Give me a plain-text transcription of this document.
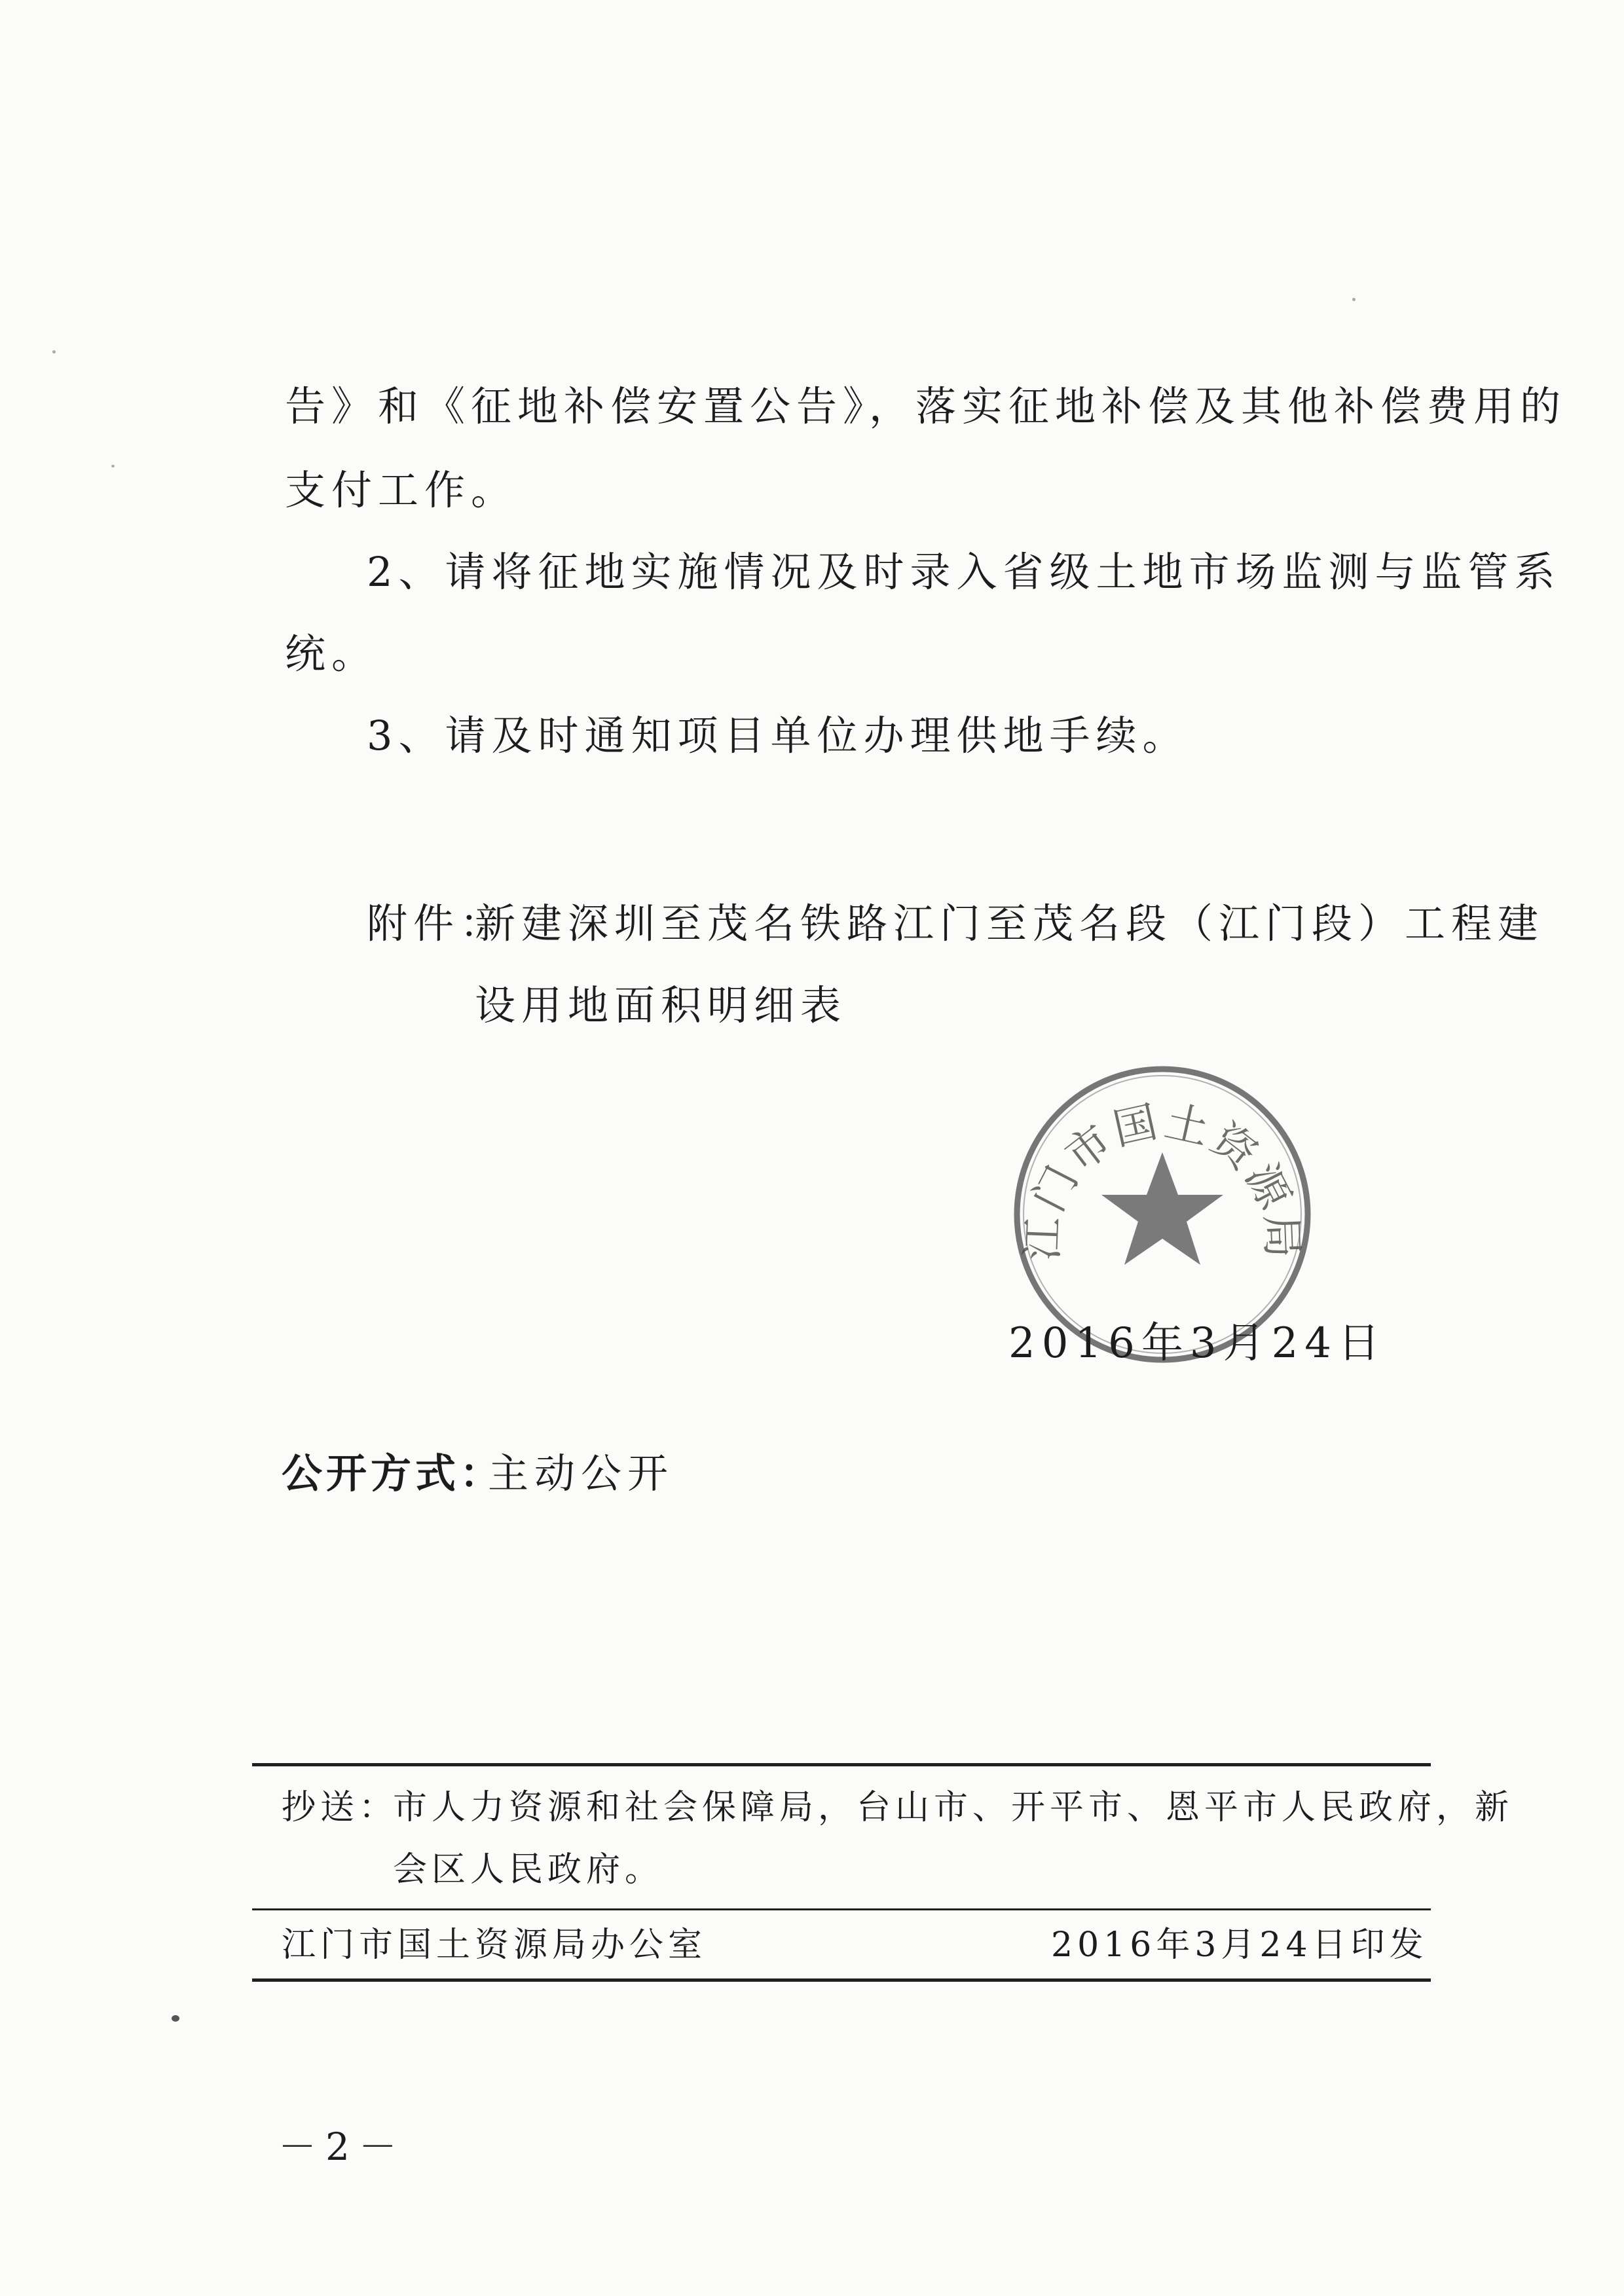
告》和《征地补偿安置公告》，落实征地补偿及其他补偿费用的
支付工作。
2、请将征地实施情况及时录入省级土地市场监测与监管系
统。
3、请及时通知项目单位办理供地手续。
附件：
新建深圳至茂名铁路江门至茂名段（江门段）工程建
设用地面积明细表
江门市国土资源局
2016年3月24日
公开方式：
主动公开
抄送：
市人力资源和社会保障局，台山市、开平市、恩平市人民政府，新
会区人民政府。
江门市国土资源局办公室	2016年3月24日印发
－2－
